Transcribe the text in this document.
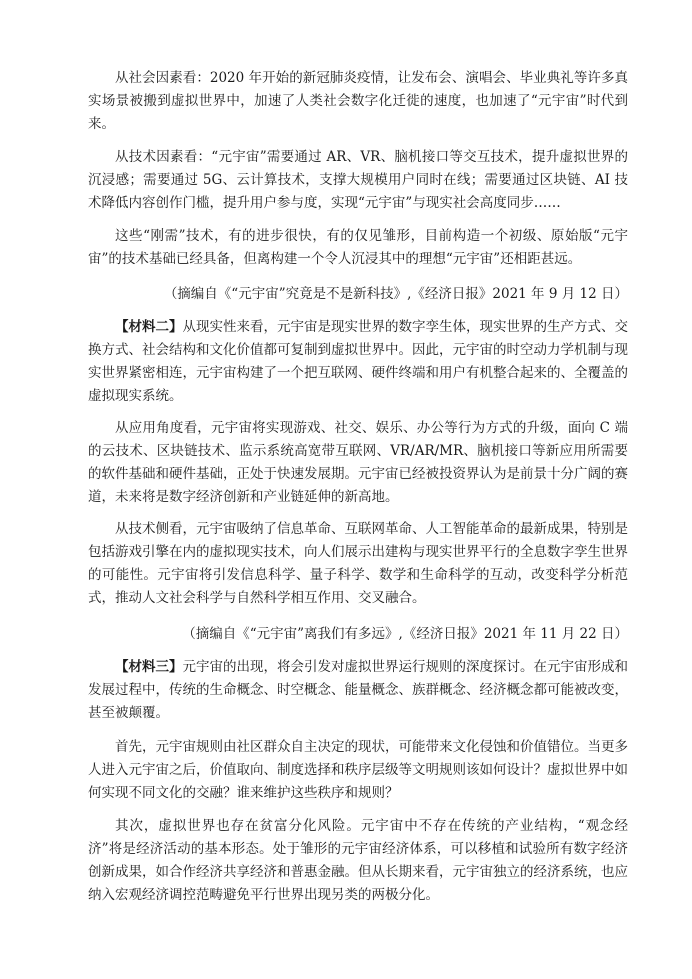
从社会因素看：2020 年开始的新冠肺炎疫情，让发布会、演唱会、毕业典礼等许多真实场景被搬到虚拟世界中，加速了人类社会数字化迁徙的速度，也加速了“元宇宙”时代到来。

从技术因素看：“元宇宙”需要通过 AR、VR、脑机接口等交互技术，提升虚拟世界的沉浸感；需要通过 5G、云计算技术，支撑大规模用户同时在线；需要通过区块链、AI 技术降低内容创作门槛，提升用户参与度，实现“元宇宙”与现实社会高度同步……

这些“刚需”技术，有的进步很快，有的仅见雏形，目前构造一个初级、原始版“元宇宙”的技术基础已经具备，但离构建一个令人沉浸其中的理想“元宇宙”还相距甚远。

（摘编自《“元宇宙”究竟是不是新科技》,《经济日报》2021 年 9 月 12 日）

【材料二】从现实性来看，元宇宙是现实世界的数字孪生体，现实世界的生产方式、交换方式、社会结构和文化价值都可复制到虚拟世界中。因此，元宇宙的时空动力学机制与现实世界紧密相连，元宇宙构建了一个把互联网、硬件终端和用户有机整合起来的、全覆盖的虚拟现实系统。

从应用角度看，元宇宙将实现游戏、社交、娱乐、办公等行为方式的升级，面向 C 端的云技术、区块链技术、监示系统高宽带互联网、VR/AR/MR、脑机接口等新应用所需要的软件基础和硬件基础，正处于快速发展期。元宇宙已经被投资界认为是前景十分广阔的赛道，未来将是数字经济创新和产业链延伸的新高地。

从技术侧看，元宇宙吸纳了信息革命、互联网革命、人工智能革命的最新成果，特别是包括游戏引擎在内的虚拟现实技术，向人们展示出建构与现实世界平行的全息数字孪生世界的可能性。元宇宙将引发信息科学、量子科学、数学和生命科学的互动，改变科学分析范式，推动人文社会科学与自然科学相互作用、交叉融合。

（摘编自《“元宇宙”离我们有多远》,《经济日报》2021 年 11 月 22 日）

【材料三】元宇宙的出现，将会引发对虚拟世界运行规则的深度探讨。在元宇宙形成和发展过程中，传统的生命概念、时空概念、能量概念、族群概念、经济概念都可能被改变，甚至被颠覆。

首先，元宇宙规则由社区群众自主决定的现状，可能带来文化侵蚀和价值错位。当更多人进入元宇宙之后，价值取向、制度选择和秩序层级等文明规则该如何设计？虚拟世界中如何实现不同文化的交融？谁来维护这些秩序和规则？

其次，虚拟世界也存在贫富分化风险。元宇宙中不存在传统的产业结构，“观念经济”将是经济活动的基本形态。处于雏形的元宇宙经济体系，可以移植和试验所有数字经济创新成果，如合作经济共享经济和普惠金融。但从长期来看，元宇宙独立的经济系统，也应纳入宏观经济调控范畴避免平行世界出现另类的两极分化。
